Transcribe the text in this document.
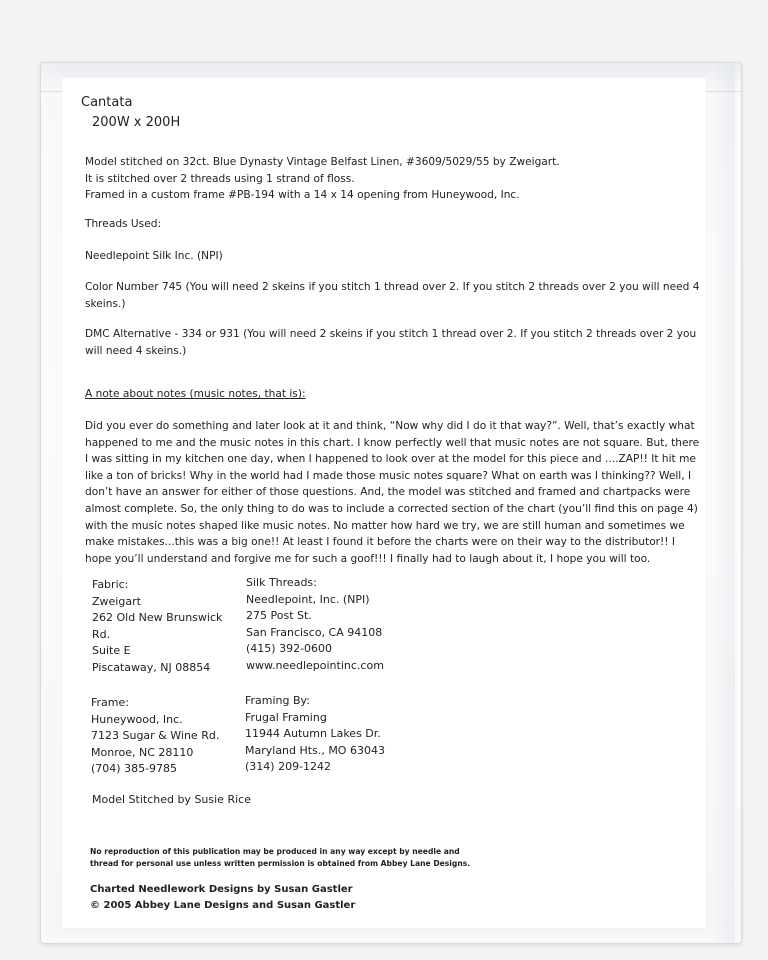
Cantata
200W x 200H
Model stitched on 32ct. Blue Dynasty Vintage Belfast Linen, #3609/5029/55 by Zweigart.
It is stitched over 2 threads using 1 strand of floss.
Framed in a custom frame #PB-194 with a 14 x 14 opening from Huneywood, Inc.
Threads Used:
Needlepoint Silk Inc. (NPI)
Color Number 745 (You will need 2 skeins if you stitch 1 thread over 2. If you stitch 2 threads over 2 you will need 4 skeins.)
DMC Alternative - 334 or 931 (You will need 2 skeins if you stitch 1 thread over 2. If you stitch 2 threads over 2 you will need 4 skeins.)
A note about notes (music notes, that is):
Did you ever do something and later look at it and think, “Now why did I do it that way?”. Well, that’s exactly what happened to me and the music notes in this chart. I know perfectly well that music notes are not square. But, there I was sitting in my kitchen one day, when I happened to look over at the model for this piece and ....ZAP!! It hit me like a ton of bricks! Why in the world had I made those music notes square? What on earth was I thinking?? Well, I don’t have an answer for either of those questions. And, the model was stitched and framed and chartpacks were almost complete. So, the only thing to do was to include a corrected section of the chart (you’ll find this on page 4) with the music notes shaped like music notes. No matter how hard we try, we are still human and sometimes we make mistakes...this was a big one!! At least I found it before the charts were on their way to the distributor!! I hope you’ll understand and forgive me for such a goof!!! I finally had to laugh about it, I hope you will too.
Fabric:
Zweigart
262 Old New Brunswick
Rd.
Suite E
Piscataway, NJ 08854
Silk Threads:
Needlepoint, Inc. (NPI)
275 Post St.
San Francisco, CA 94108
(415) 392-0600
www.needlepointinc.com
Frame:
Huneywood, Inc.
7123 Sugar & Wine Rd.
Monroe, NC 28110
(704) 385-9785
Framing By:
Frugal Framing
11944 Autumn Lakes Dr.
Maryland Hts., MO 63043
(314) 209-1242
Model Stitched by Susie Rice
No reproduction of this publication may be produced in any way except by needle and
thread for personal use unless written permission is obtained from Abbey Lane Designs.
Charted Needlework Designs by Susan Gastler
© 2005 Abbey Lane Designs and Susan Gastler
